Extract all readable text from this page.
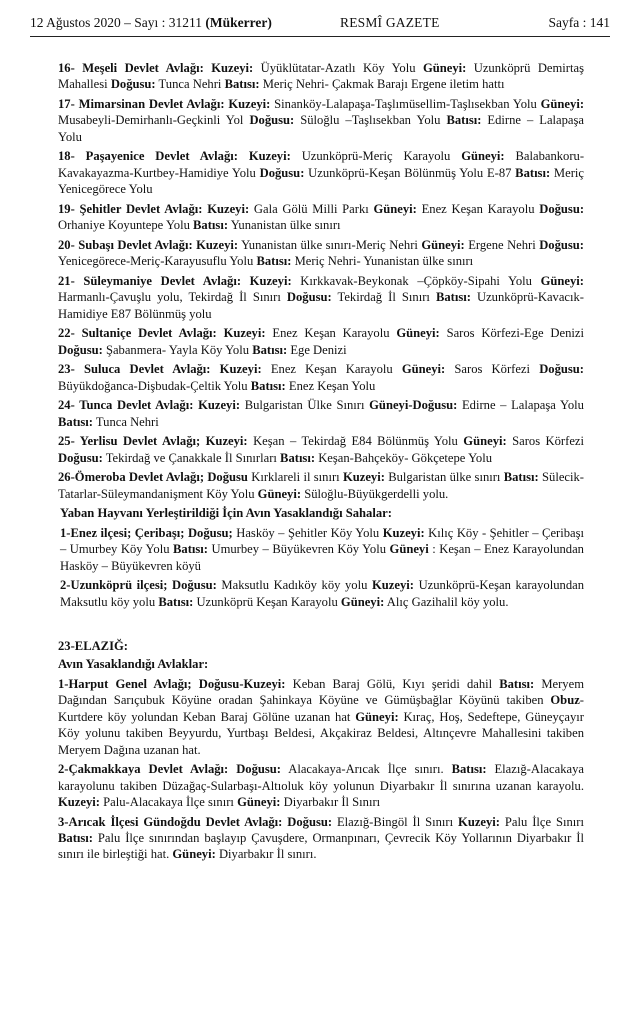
12 Ağustos 2020 – Sayı : 31211 (Mükerrer)	RESMÎ GAZETE	Sayfa : 141

16- Meşeli Devlet Avlağı: Kuzeyi: Üyüklütatar-Azatlı Köy Yolu Güneyi: Uzunköprü Demirtaş Mahallesi Doğusu: Tunca Nehri Batısı: Meriç Nehri- Çakmak Barajı Ergene iletim hattı

17- Mimarsinan Devlet Avlağı: Kuzeyi: Sinanköy-Lalapaşa-Taşlımüsellim-Taşlısekban Yolu Güneyi: Musabeyli-Demirhanlı-Geçkinli Yol Doğusu: Süloğlu –Taşlısekban Yolu Batısı: Edirne – Lalapaşa Yolu

18- Paşayenice Devlet Avlağı: Kuzeyi: Uzunköprü-Meriç Karayolu Güneyi: Balabankoru-Kavakayazma-Kurtbey-Hamidiye Yolu Doğusu: Uzunköprü-Keşan Bölünmüş Yolu E-87 Batısı: Meriç Yenicegörece Yolu

19- Şehitler Devlet Avlağı: Kuzeyi: Gala Gölü Milli Parkı Güneyi: Enez Keşan Karayolu Doğusu: Orhaniye Koyuntepe Yolu Batısı: Yunanistan ülke sınırı

20- Subaşı Devlet Avlağı: Kuzeyi: Yunanistan ülke sınırı-Meriç Nehri Güneyi: Ergene Nehri Doğusu: Yenicegörece-Meriç-Karayusuflu Yolu Batısı: Meriç Nehri- Yunanistan ülke sınırı

21- Süleymaniye Devlet Avlağı: Kuzeyi: Kırkkavak-Beykonak –Çöpköy-Sipahi Yolu Güneyi: Harmanlı-Çavuşlu yolu, Tekirdağ İl Sınırı Doğusu: Tekirdağ İl Sınırı Batısı: Uzunköprü-Kavacık- Hamidiye E87 Bölünmüş yolu

22- Sultaniçe Devlet Avlağı: Kuzeyi: Enez Keşan Karayolu Güneyi: Saros Körfezi-Ege Denizi Doğusu: Şabanmera- Yayla Köy Yolu Batısı: Ege Denizi

23- Suluca Devlet Avlağı: Kuzeyi: Enez Keşan Karayolu Güneyi: Saros Körfezi Doğusu: Büyükdoğanca-Dişbudak-Çeltik Yolu Batısı: Enez Keşan Yolu

24- Tunca Devlet Avlağı: Kuzeyi: Bulgaristan Ülke Sınırı Güneyi-Doğusu: Edirne – Lalapaşa Yolu Batısı: Tunca Nehri

25- Yerlisu Devlet Avlağı; Kuzeyi: Keşan – Tekirdağ E84 Bölünmüş Yolu Güneyi: Saros Körfezi Doğusu: Tekirdağ ve Çanakkale İl Sınırları Batısı: Keşan-Bahçeköy- Gökçetepe Yolu

26-Ömeroba Devlet Avlağı; Doğusu Kırklareli il sınırı Kuzeyi: Bulgaristan ülke sınırı Batısı: Sülecik-Tatarlar-Süleymandanişment Köy Yolu Güneyi: Süloğlu-Büyükgerdelli yolu.

Yaban Hayvanı Yerleştirildiği İçin Avın Yasaklandığı Sahalar:

1-Enez ilçesi; Çeribaşı; Doğusu; Hasköy – Şehitler Köy Yolu Kuzeyi: Kılıç Köy - Şehitler – Çeribaşı – Umurbey Köy Yolu Batısı: Umurbey – Büyükevren Köy Yolu Güneyi : Keşan – Enez Karayolundan Hasköy – Büyükevren köyü

2-Uzunköprü ilçesi; Doğusu: Maksutlu Kadıköy köy yolu Kuzeyi: Uzunköprü-Keşan karayolundan Maksutlu köy yolu Batısı: Uzunköprü Keşan Karayolu Güneyi: Alıç Gazihalil köy yolu.

23-ELAZIĞ:

Avın Yasaklandığı Avlaklar:

1-Harput Genel Avlağı; Doğusu-Kuzeyi: Keban Baraj Gölü, Kıyı şeridi dahil Batısı: Meryem Dağından Sarıçubuk Köyüne oradan Şahinkaya Köyüne ve Gümüşbağlar Köyünü takiben Obuz-Kurtdere köy yolundan Keban Baraj Gölüne uzanan hat Güneyi: Kıraç, Hoş, Sedeftepe, Güneyçayır Köy yolunu takiben Beyyurdu, Yurtbaşı Beldesi, Akçakiraz Beldesi, Altınçevre Mahallesini takiben Meryem Dağına uzanan hat.

2-Çakmakkaya Devlet Avlağı: Doğusu: Alacakaya-Arıcak İlçe sınırı. Batısı: Elazığ-Alacakaya karayolunu takiben Düzağaç-Sularbaşı-Altıoluk köy yolunun Diyarbakır İl sınırına uzanan karayolu. Kuzeyi: Palu-Alacakaya İlçe sınırı Güneyi: Diyarbakır İl Sınırı

3-Arıcak İlçesi Gündoğdu Devlet Avlağı: Doğusu: Elazığ-Bingöl İl Sınırı Kuzeyi: Palu İlçe Sınırı Batısı: Palu İlçe sınırından başlayıp Çavuşdere, Ormanpınarı, Çevrecik Köy Yollarının Diyarbakır İl sınırı ile birleştiği hat. Güneyi: Diyarbakır İl sınırı.
